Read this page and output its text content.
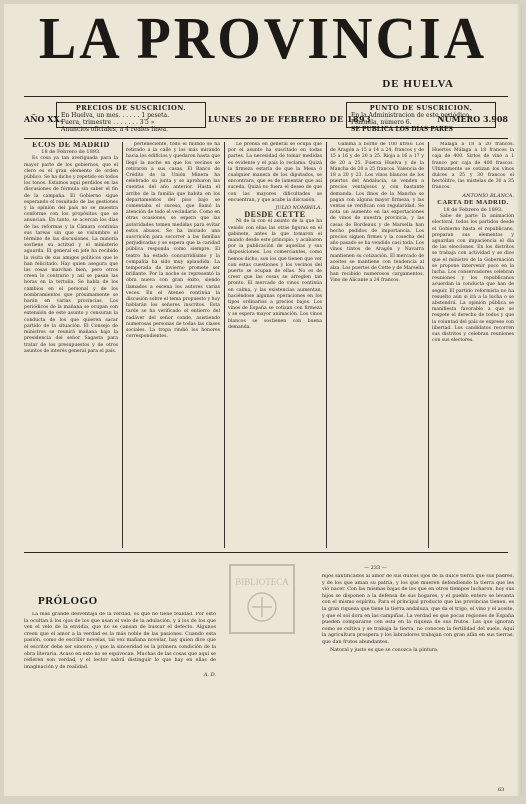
LA PROVINCIA
DE HUELVA
PRECIOS DE SUSCRICION.
En Huelva, un mes. . . . . . 1 peseta.
Fuera, trimestre . . . . . . . 3′5 »
Anuncios oficiales, a 4 reales linea.
PUNTO DE SUSCRICION.
En la Administracion de este periódico,
Plazuela, número 6.
SE PUBLICA LOS DIAS PARES
AÑO XX.	LUNES 20 DE FEBRERO DE 1893	NÚMERO 3.908

ECOS DE MADRID

18 de Febrero de 1893.

Es cosa ya tan averiguada para la mayor parte de los gobiernos, que el clero es el gran elemento de orden público. Se ha dicho y repetido en todos los tonos. Estamos aquí perdidos en las discusiones de fórmula sin saber el fin de la campaña. El Gobierno sigue esperando el resultado de las gestiones y la opinión del país no se muestra conforme con los propósitos que se anuncian. En tanto, se acercan los días de las reformas y la Cámara continúa sus tareas sin que se vislumbre el término de las discusiones. La minoría sostiene su actitud y el ministerio aguarda. El general en jefe ha recibido la visita de sus amigos políticos que le han felicitado. Hay quien asegura que las cosas marchan bien, pero otros creen lo contrario y así se pasan las horas en la tertulia. Se habla de los cambios en el personal y de los nombramientos que próximamente se harán en varias provincias. Los periódicos de la mañana se ocupan con extensión de este asunto y censuran la conducta de los que quieren sacar partido de la situación. El Consejo de ministros se reunirá mañana bajo la presidencia del señor Sagasta para tratar de los presupuestos y de otros asuntos de interés general para el país.

perteneciente, todo el mundo se ha retirado a la calle y los más mirando hacia los edificios y quedaron hasta que llegó la noche en que los vecinos se retiraron a sus casas. El Banco de Crédito de la Unión Minera ha celebrado su junta y se aprobaron las cuentas del año anterior. Hasta el arribo de la familia que habita en los departamentos del piso bajo se comentaba el suceso, que llamó la atención de todo el vecindario. Como en otras ocasiones, se espera que las autoridades tomen medidas para evitar estos abusos. Se ha iniciado una suscrición para socorrer a las familias perjudicadas y se espera que la caridad pública responda como siempre. El teatro ha estado concurridísimo y la compañía ha sido muy aplaudida. La temporada de invierno promete ser brillante. Por la noche se representó la obra nueva con gran éxito, siendo llamados a escena los autores varias veces. En el Ateneo continúa la discusión sobre el tema propuesto y hoy hablarán los señores inscritos. Esta tarde se ha verificado el entierro del cadáver del señor conde, asistiendo numerosas personas de todas las clases sociales. La tropa rindió los honores correspondientes.

Le prensa en general se ocupa que por el asunto ha suscitado en todas partes. La necesidad de tomar medidas es evidente y el país lo reclama. Quizá la firmeza estaría de que la Mesa ó cualquier manera de los diputados, se encontrara, que es de lamentar que así suceda. Quizá no fuera el deseo de que con las mayores dificultades se encuentran, y que acabe la discusión.

JULIO NOMBELA.

DESDE CETTE

Ni de la con el asunto de la que ha venido con ellas las otras figuras en el gabinete, antes la que tomaron el mando desde este principio, y acabaron por la publicación de aquellas y sus disposiciones. Los comerciantes, como hemos dicho, son los que tienen que ver con estas cuestiones y los vecinos del puerto se ocupan de ellas. No es de creer que las cosas se arreglen tan pronto. El mercado de vinos continúa en calma, y las existencias aumentan, haciéndose algunas operaciones en los tipos ordinarios a precios bajos. Los vinos de España se cotizan con firmeza y se espera mayor animación. Los vinos blancos se sostienen con buena demanda.

Gamma a bordo de 100 litros: Los de Aragón a 15 a 14 a 24, francos y de 15 a 16 y de 20 a 25. Rioja a 16 a 17 y de 20 a 25. Fuerza Huelva y de la Mancha de 20 a 25 francos. Valencia de 18 a 20 y 23. Los vinos blancos de los puertos del Andalucia, se venden a precios ventajosos y con bastante demanda. Los finos de la Mancha se pagan con alguna mayor firmeza, y las ventas se verifican con regularidad. Se nota un aumento en las exportaciones de vinos de nuestra provincia, y las casas de Bordeaux y de Marsella han hecho pedidos de importancia. Los precios siguen firmes y la cosecha del año pasado se ha vendido casi toda. Los vinos tintos de Aragón y Navarra mantienen su cotización. El mercado de aceites se mantiene con tendencia al alza. Los puertos de Cette y de Marsella han recibido numerosos cargamentos. Vino de Alicante a 24 francos.

Málaga a 18 a 20 francos. Huertos Málaga a 18 francos la caja de 400. Sirtos de vino a 1 franco por caja de 400 frascos. Ultimamente se cotizan los vinos dulces a 25 y 30 francos el hectólitro, las mistelas de 30 a 35 francos.

ANTONIO BLANCA.

CARTA DE MADRID.

18 de Febrero de 1893.

Sabe de parte la animación electoral, todos los partidos desde el Gobierno hasta el republicano, preparan sus elementos y aguardan con impaciencia el día de las elecciones. En los distritos se trabaja con actividad y se dice que el ministro de la Gobernación se propone intervenir poco en la lucha. Los conservadores celebran reuniones y los republicanos acuerdan la conducta que han de seguir. El partido reformista no ha resuelto aún si irá a la lucha o se abstendrá. La opinión pública se manifiesta favorable a que se respete el derecho de todos y que la voluntad del país se exprese con libertad. Los candidatos recorren sus distritos y celebran reuniones con sus electores.

PRÓLOGO
BIBLIOTECA
— 233 —

La más grande desventaja de la verdad, es que no tiene fealdad. Por esto la ocultan á los ojos de los que usan el velo de la adulación, y á los de los que ven el velo de la envidia, que no se cansan de buscar el defecto. Algunos creen que el amor a la verdad es la más noble de las pasiones. Cuando esta pasión, como de escribir novelas, tal vez mañana novelar, hay quien dice que el escritor debe ser sincero, y que la sinceridad es la primera condición de la obra literaria. Acaso en esto no se equivocan. Muchas de las cosas que aquí se refieren son verdad, y el lector sabrá distinguir lo que hay en ellas de imaginación y de realidad.

A. D.

hijos santificados al amor de sus dulces ojos de la dulce tierra que sus padres, y de los que aman su patria, y los que mueren defendiendo la tierra que les vió nacer. Con las mismas bajas de los que en otros tiempos lucharon, hoy sus hijos se disponen a la defensa de sus hogares, y el pueblo entero se levanta con el mismo espíritu. Para el principal producto que las provincias tienen, es la gran riqueza que tiene la tierra andaluza, que da el trigo, el vino y el aceite, y que el sol dora en las campiñas. La verdad es que pocas regiones de España pueden compararse con esta en la riqueza de sus frutos. Los que ignoran como se cultiva y se trabaja la tierra, no conocen la fertilidad del suelo. Aquí la agricultura prospera y los labradores trabajan con gran afán en sus tierras, que dan frutos abundantes.

Natural y justo es que se conozca la pintura.

63
